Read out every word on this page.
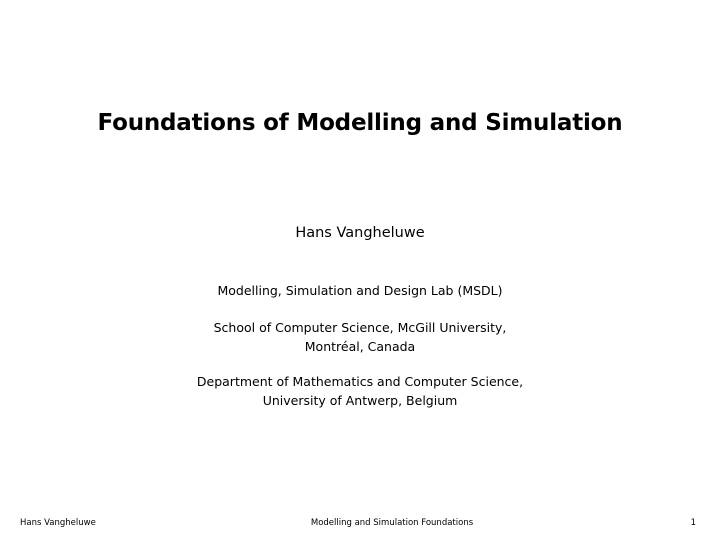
Foundations of Modelling and Simulation
Hans Vangheluwe
Modelling, Simulation and Design Lab (MSDL)
School of Computer Science, McGill University,
Montréal, Canada
Department of Mathematics and Computer Science,
University of Antwerp, Belgium
Hans Vangheluwe	Modelling and Simulation Foundations	1
